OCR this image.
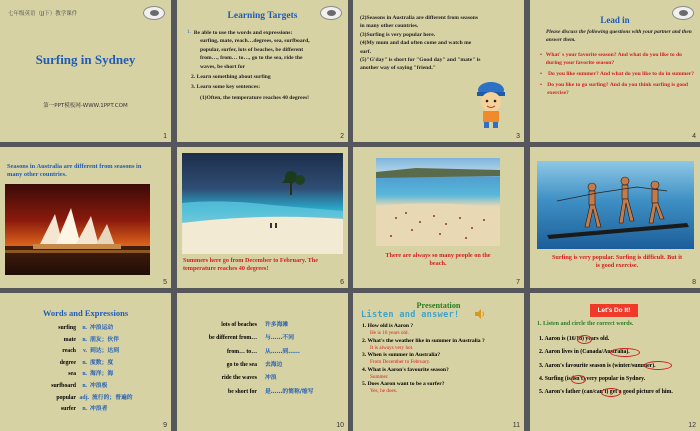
七年级英语（JJ下）教学课件
Surfing in Sydney
第一PPT模板网-WWW.1PPT.COM
1
Learning Targets
1. Be able to use the words and expressions:
surfing, mate, reach…degrees, sea, surfboard,
popular, surfer, lots of beaches, be different
from…, from… to…, go to the sea, ride the
waves, be short for
2. Learn something about surfing
3. Learn some key sentences:
(1)Often, the temperature reaches 40 degrees!
2
(2)Seasons in Australia are different from seasons
in many other countries.
(3)Surfing is very popular here.
(4)My mum and dad often come and watch me
surf.
(5)"G'day" is short for "Good day" and "mate" is
another way of saying "friend."
3
Lead in
Please discuss the following questions with your partner and then answer them.
• What' s your favorite season? And what do you like to do during your favorite season?
•	Do you like summer? And what do you like to do in summer?
• Do you like to go surfing? And do you think surfing is good exercise?
4
Seasons in Australia are different from seasons in many other countries.
5
Summers here go from December to February. The temperature reaches 40 degrees!
6
There are always so many people on the beach.
7
Surfing is very popular. Surfing is difficult. But it is good exercise.
8
Words and Expressions
surfing	n. 冲浪运动
mate	n. 朋友；伙伴
reach	v. 到达；达到
degree	n. 度数；度
sea	n. 海洋；海
surfboard	n. 冲浪板
popular adj. 流行的；普遍的
surfer	n. 冲浪者
9
lots of beaches	许多海滩
be different from…	与……不同
from… to…	从……到……
go to the sea	去海边
ride the waves	冲浪
be short for	是……的简称/缩写
10
Presentation
Listen and answer!
1. How old is Aaron ?
He is 16 years old.
2. What's the weather like in summer in Australia ?
It is always very hot.
3. When is summer in Australia?
From December to February.
4. What is Aaron's favourite season?
Summer.
5. Does Aaron want to be a surfer?
Yes, he does.
11
Let's Do It!
1. Listen and circle the correct words.
1. Aaron is (16/18) years old.
2. Aaron lives in (Canada/Australia).
3. Aaron's favourite season is (winter/summer).
4. Surfing (is/isn't) very popular in Sydney.
5. Aaron's father (can/can't) get a good picture of him.
12
